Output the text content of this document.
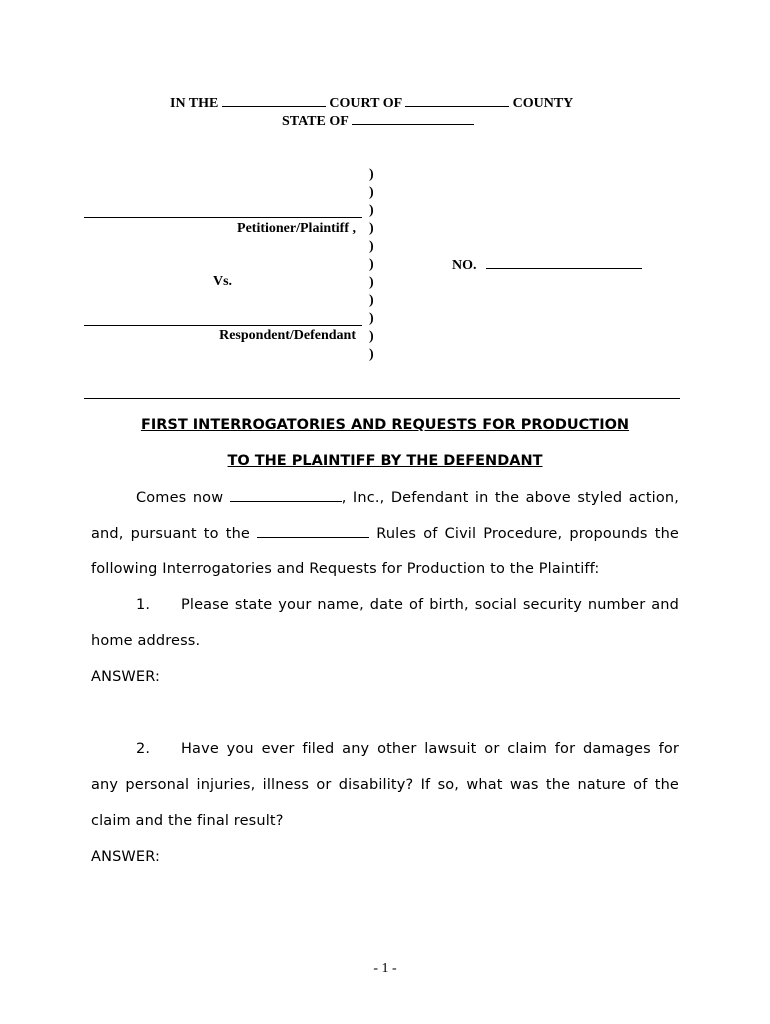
IN THE	COURT OF	COUNTY
STATE OF
Petitioner/Plaintiff ,
Vs.
Respondent/Defendant
)
)
)
)
)
)
)
)
)
)
)
NO.
FIRST INTERROGATORIES AND REQUESTS FOR PRODUCTION
TO THE PLAINTIFF BY THE DEFENDANT
Comes now	, Inc., Defendant in the above styled action,
and, pursuant to the	Rules of Civil Procedure, propounds the
following Interrogatories and Requests for Production to the Plaintiff:
1. Please state your name, date of birth, social security number and
home address.
ANSWER:
2. Have you ever filed any other lawsuit or claim for damages for
any personal injuries, illness or disability? If so, what was the nature of the
claim and the final result?
ANSWER:
- 1 -
